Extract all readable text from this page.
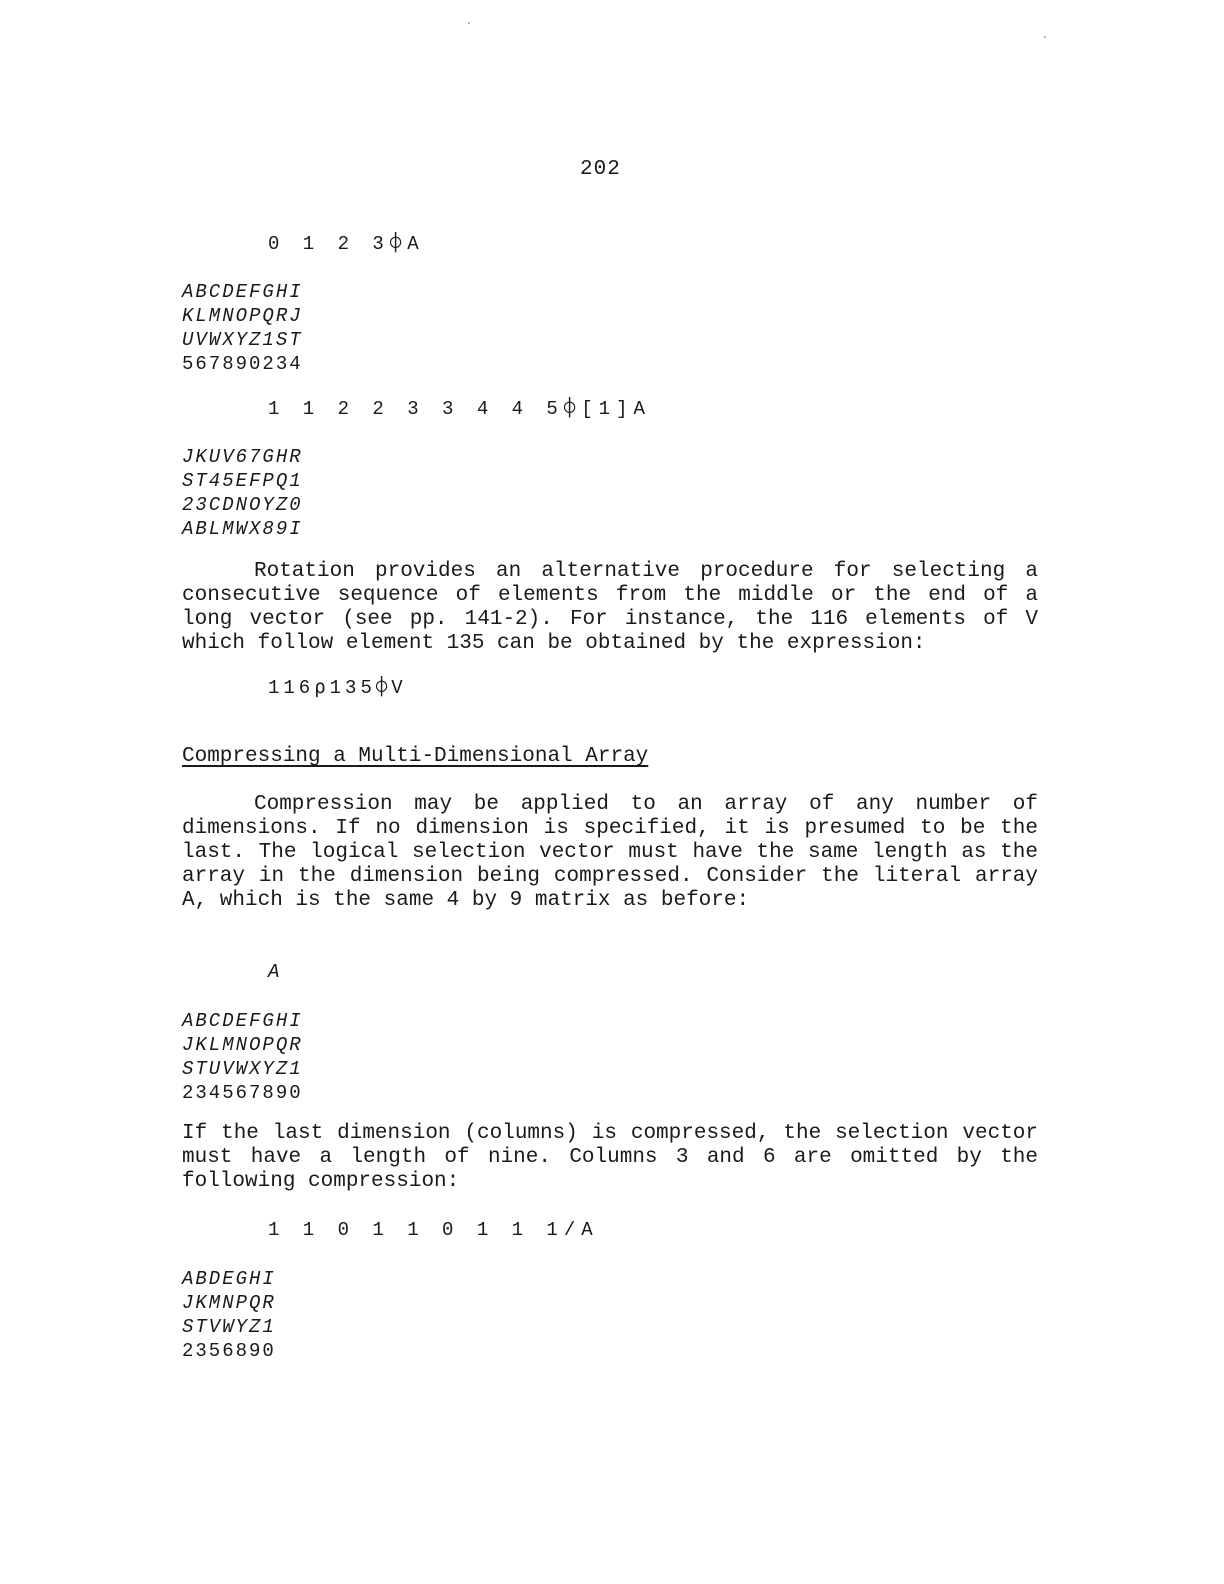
202
0 1 2 3⌽A
ABCDEFGHI
KLMNOPQRJ
UVWXYZ1ST
567890234
1 1 2 2 3 3 4 4 5⌽[1]A
JKUV67GHR
ST45EFPQ1
23CDNOYZ0
ABLMWX89I

Rotation provides an alternative procedure for selecting a consecutive sequence of elements from the middle or the end of a long vector (see pp. 141-2). For instance, the 116 elements of V which follow element 135 can be obtained by the expression:

116⍴135⌽V
Compressing a Multi-Dimensional Array

Compression may be applied to an array of any number of dimensions. If no dimension is specified, it is presumed to be the last. The logical selection vector must have the same length as the array in the dimension being compressed. Consider the literal array A, which is the same 4 by 9 matrix as before:

A
ABCDEFGHI
JKLMNOPQR
STUVWXYZ1
234567890

If the last dimension (columns) is compressed, the selection vector must have a length of nine. Columns 3 and 6 are omitted by the following compression:

1 1 0 1 1 0 1 1 1/A
ABDEGHI
JKMNPQR
STVWYZ1
2356890
